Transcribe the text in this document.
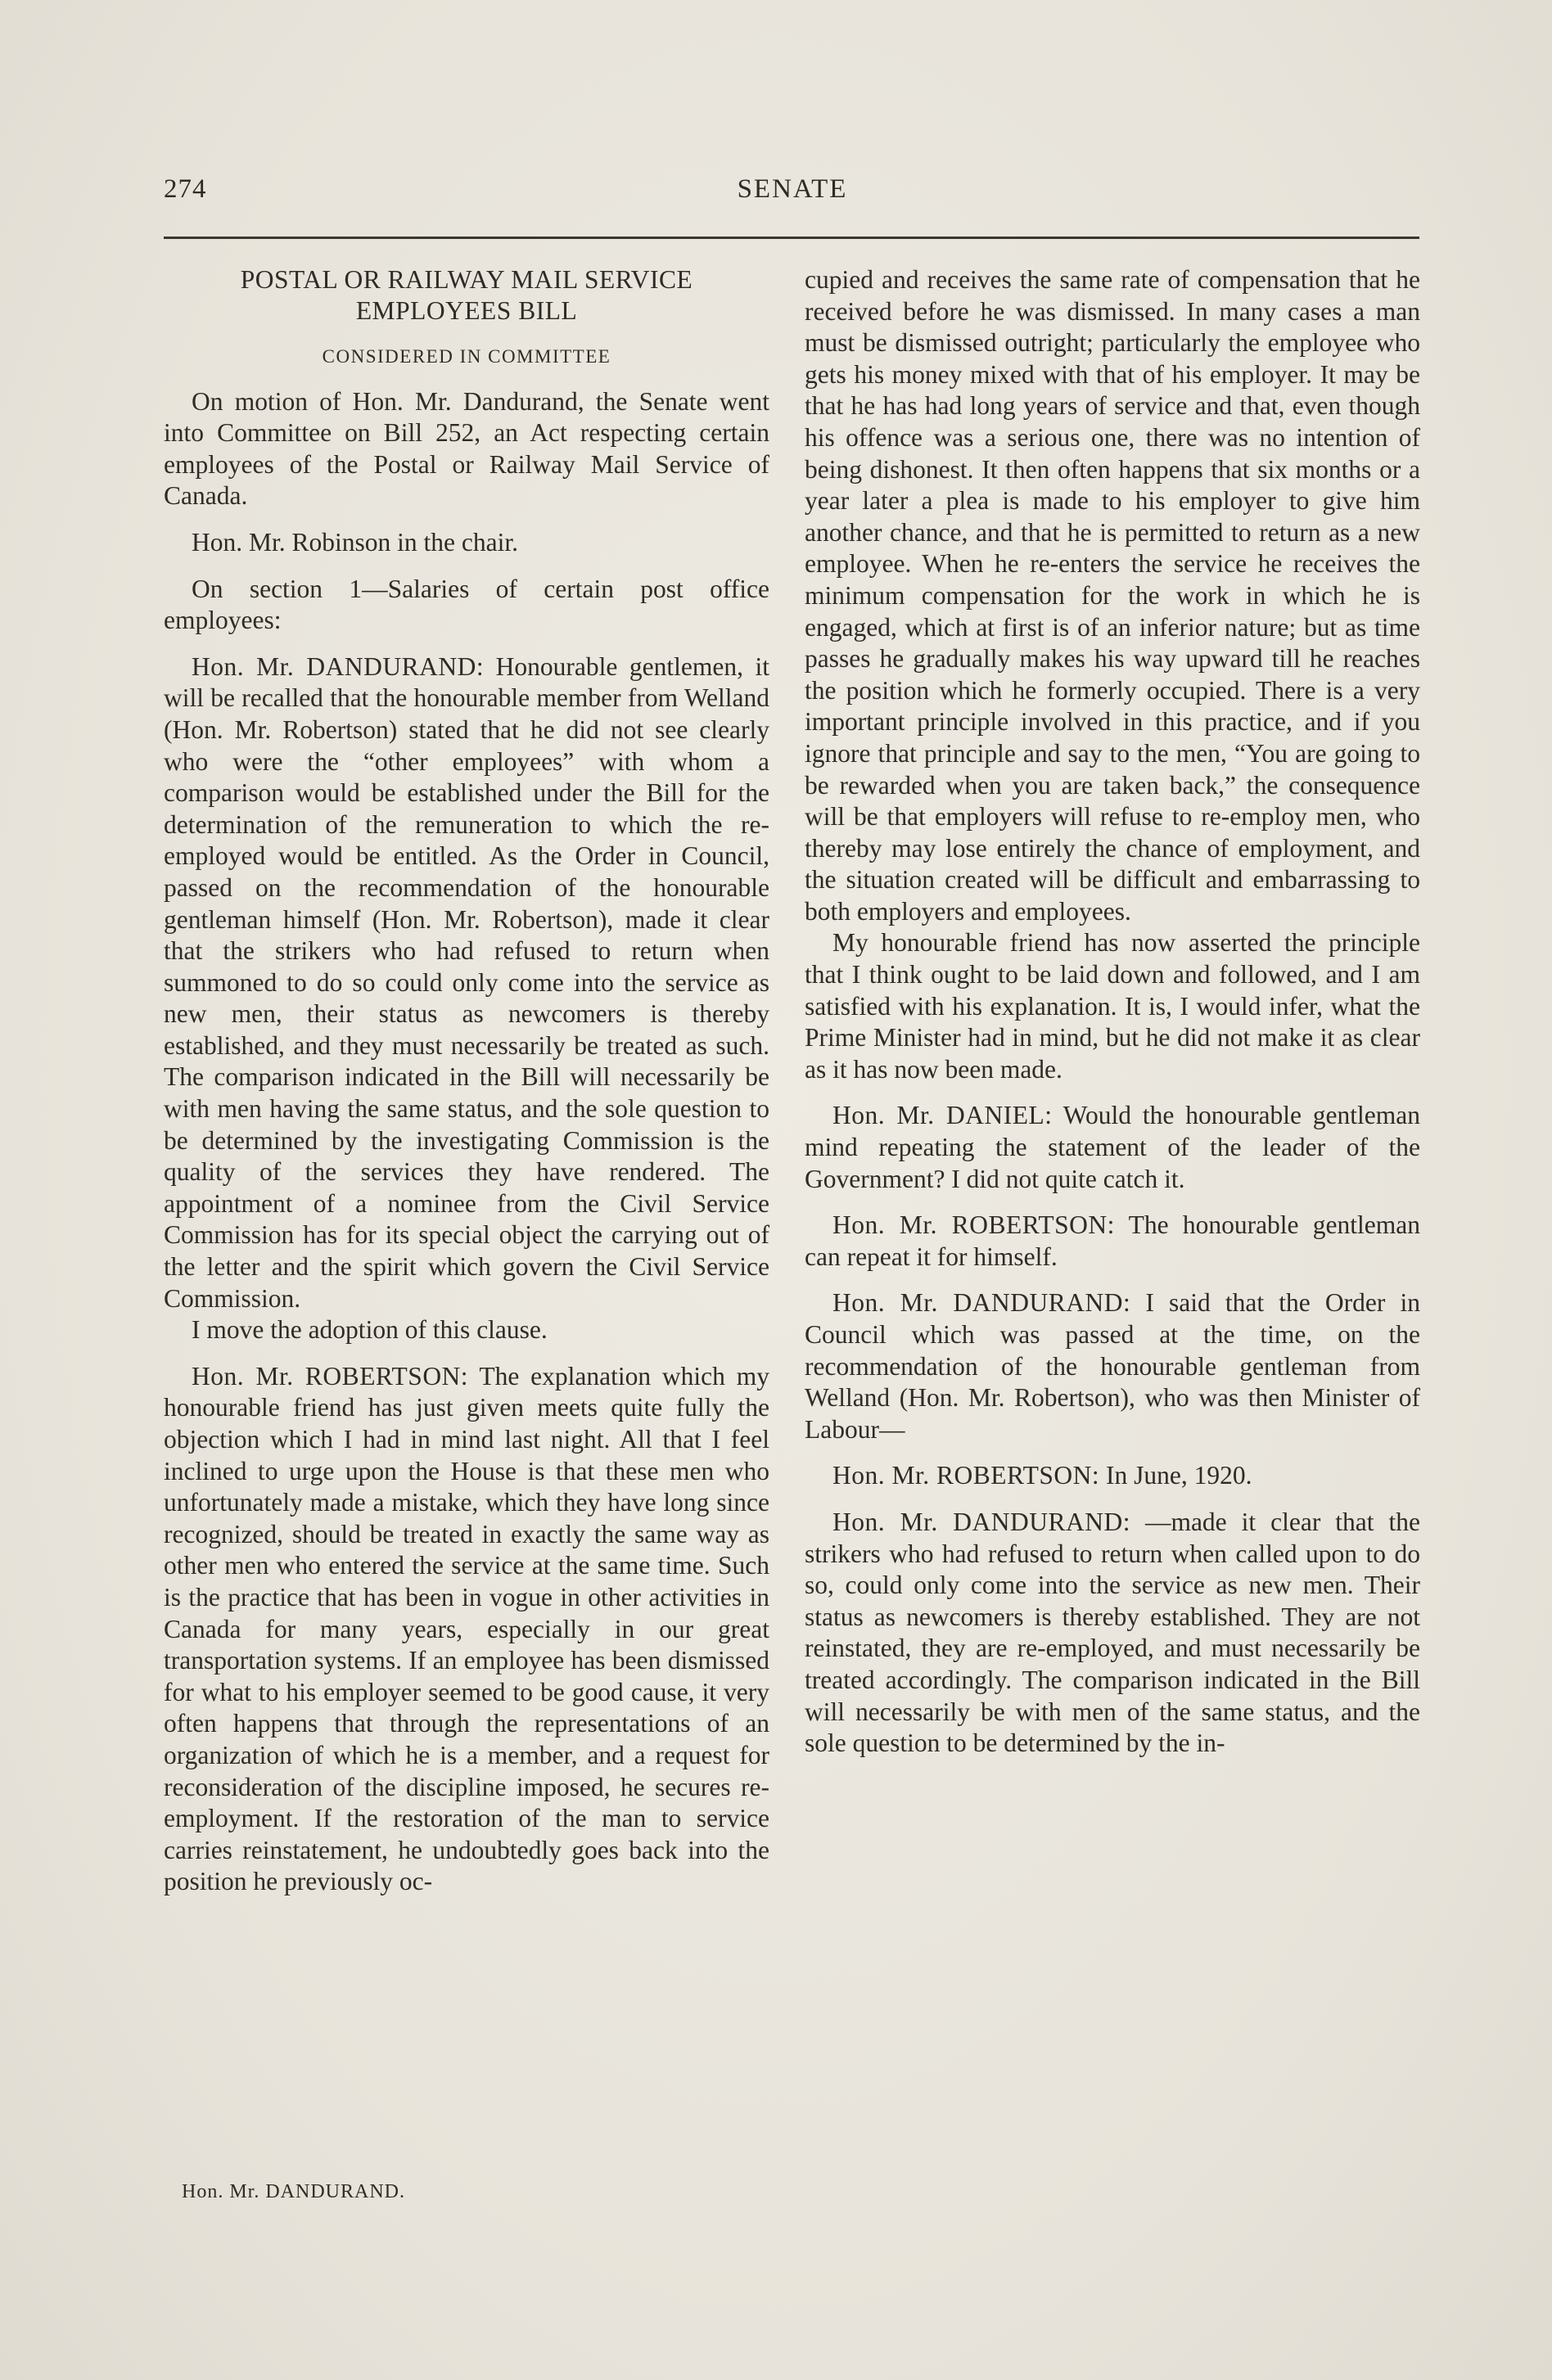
274	SENATE

POSTAL OR RAILWAY MAIL SERVICE
EMPLOYEES BILL

CONSIDERED IN COMMITTEE

On motion of Hon. Mr. Dandurand, the Senate went into Committee on Bill 252, an Act respecting certain employees of the Postal or Railway Mail Service of Canada.

Hon. Mr. Robinson in the chair.

On section 1—Salaries of certain post office employees:

Hon. Mr. DANDURAND: Honourable gentlemen, it will be recalled that the honourable member from Welland (Hon. Mr. Robertson) stated that he did not see clearly who were the “other employees” with whom a comparison would be established under the Bill for the determination of the remuneration to which the re-employed would be entitled. As the Order in Council, passed on the recommendation of the honourable gentleman himself (Hon. Mr. Robertson), made it clear that the strikers who had refused to return when summoned to do so could only come into the service as new men, their status as newcomers is thereby established, and they must necessarily be treated as such. The comparison indicated in the Bill will necessarily be with men having the same status, and the sole question to be determined by the investigating Commission is the quality of the services they have rendered. The appointment of a nominee from the Civil Service Commission has for its special object the carrying out of the letter and the spirit which govern the Civil Service Commission.

I move the adoption of this clause.

Hon. Mr. ROBERTSON: The explanation which my honourable friend has just given meets quite fully the objection which I had in mind last night. All that I feel inclined to urge upon the House is that these men who unfortunately made a mistake, which they have long since recognized, should be treated in exactly the same way as other men who entered the service at the same time. Such is the practice that has been in vogue in other activities in Canada for many years, especially in our great transportation systems. If an employee has been dismissed for what to his employer seemed to be good cause, it very often happens that through the representations of an organization of which he is a member, and a request for reconsideration of the discipline imposed, he secures re-employment. If the restoration of the man to service carries reinstatement, he undoubtedly goes back into the position he previously oc-

Hon. Mr. DANDURAND.

cupied and receives the same rate of compensation that he received before he was dismissed. In many cases a man must be dismissed outright; particularly the employee who gets his money mixed with that of his employer. It may be that he has had long years of service and that, even though his offence was a serious one, there was no intention of being dishonest. It then often happens that six months or a year later a plea is made to his employer to give him another chance, and that he is permitted to return as a new employee. When he re-enters the service he receives the minimum compensation for the work in which he is engaged, which at first is of an inferior nature; but as time passes he gradually makes his way upward till he reaches the position which he formerly occupied. There is a very important principle involved in this practice, and if you ignore that principle and say to the men, “You are going to be rewarded when you are taken back,” the consequence will be that employers will refuse to re-employ men, who thereby may lose entirely the chance of employment, and the situation created will be difficult and embarrassing to both employers and employees.

My honourable friend has now asserted the principle that I think ought to be laid down and followed, and I am satisfied with his explanation. It is, I would infer, what the Prime Minister had in mind, but he did not make it as clear as it has now been made.

Hon. Mr. DANIEL: Would the honourable gentleman mind repeating the statement of the leader of the Government? I did not quite catch it.

Hon. Mr. ROBERTSON: The honourable gentleman can repeat it for himself.

Hon. Mr. DANDURAND: I said that the Order in Council which was passed at the time, on the recommendation of the honourable gentleman from Welland (Hon. Mr. Robertson), who was then Minister of Labour—

Hon. Mr. ROBERTSON: In June, 1920.

Hon. Mr. DANDURAND: —made it clear that the strikers who had refused to return when called upon to do so, could only come into the service as new men. Their status as newcomers is thereby established. They are not reinstated, they are re-employed, and must necessarily be treated accordingly. The comparison indicated in the Bill will necessarily be with men of the same status, and the sole question to be determined by the in-
